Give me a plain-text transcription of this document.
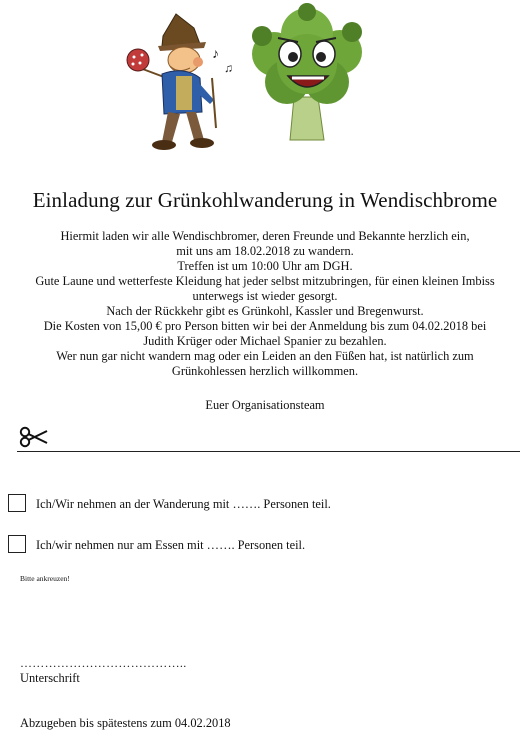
♪
♫
Einladung zur Grünkohlwanderung in Wendischbrome
Hiermit laden wir alle Wendischbromer, deren Freunde und Bekannte herzlich ein,
mit uns am 18.02.2018 zu wandern.
Treffen ist um 10:00 Uhr am DGH.
Gute Laune und wetterfeste Kleidung hat jeder selbst mitzubringen, für einen kleinen Imbiss
unterwegs ist wieder gesorgt.
Nach der Rückkehr gibt es Grünkohl, Kassler und Bregenwurst.
Die Kosten von 15,00 € pro Person bitten wir bei der Anmeldung bis zum 04.02.2018 bei
Judith Krüger oder Michael Spanier zu bezahlen.
Wer nun gar nicht wandern mag oder ein Leiden an den Füßen hat, ist natürlich zum
Grünkohlessen herzlich willkommen.
Euer Organisationsteam
Ich/Wir nehmen an der Wanderung mit ……. Personen teil.
Ich/wir nehmen nur am Essen mit ……. Personen teil.
Bitte ankreuzen!
…………………………………..
Unterschrift
Abzugeben bis spätestens zum 04.02.2018
